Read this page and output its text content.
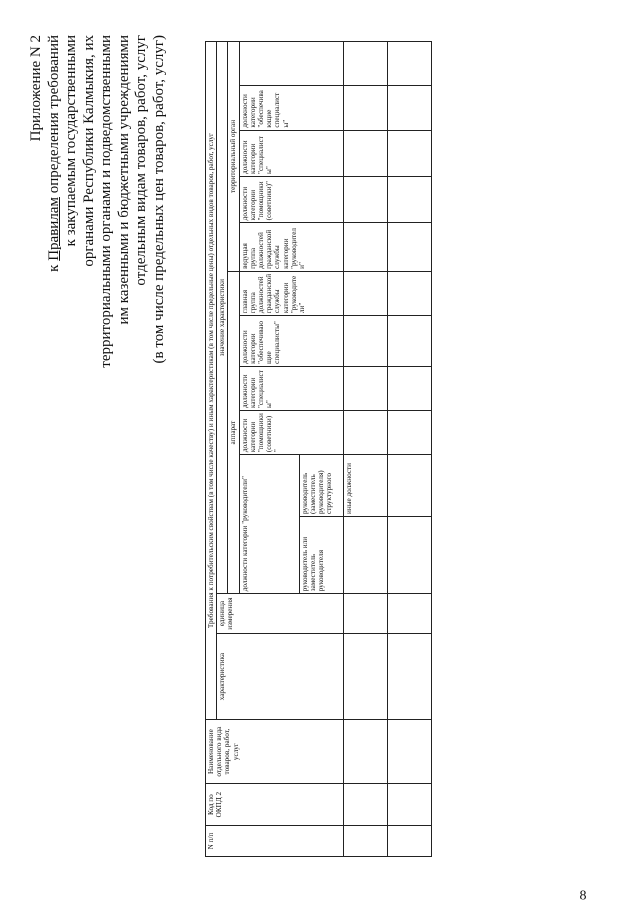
8
Приложение N 2
к Правилам определения требований к закупаемым государственными органами Республики Калмыкия, их территориальными органами и подведомственными им казенными и бюджетными учреждениями отдельным видам товаров, работ, услуг (в том числе предельных цен товаров, работ, услуг)
N п/п	Код по ОКПД 2	Наименование отдельного вида товаров, работ, услуг	Требования к потребительским свойствам (в том числе качеству) и иным характеристикам (в том числе предельные цены) отдельных видов товаров, работ, услуг												
			характеристика	единица измерения	значение характеристики										
					аппарат						территориальный орган				
					должности категории "руководители"		должности категории "помощники (советники)"	должности категории "специалисты"	должности категории "обеспечивающие специалисты"	главная группа должностей гражданской службы категории "руководители"	ведущая группа должностей гражданской службы категории "руководители"	должности категории "помощники (советники)"	должности категории "специалисты"	должности категории "обеспечивающие специалисты"	
					руководитель или заместитель руководителя	руководитель (заместитель руководителя) структурного									
						иные должности									
